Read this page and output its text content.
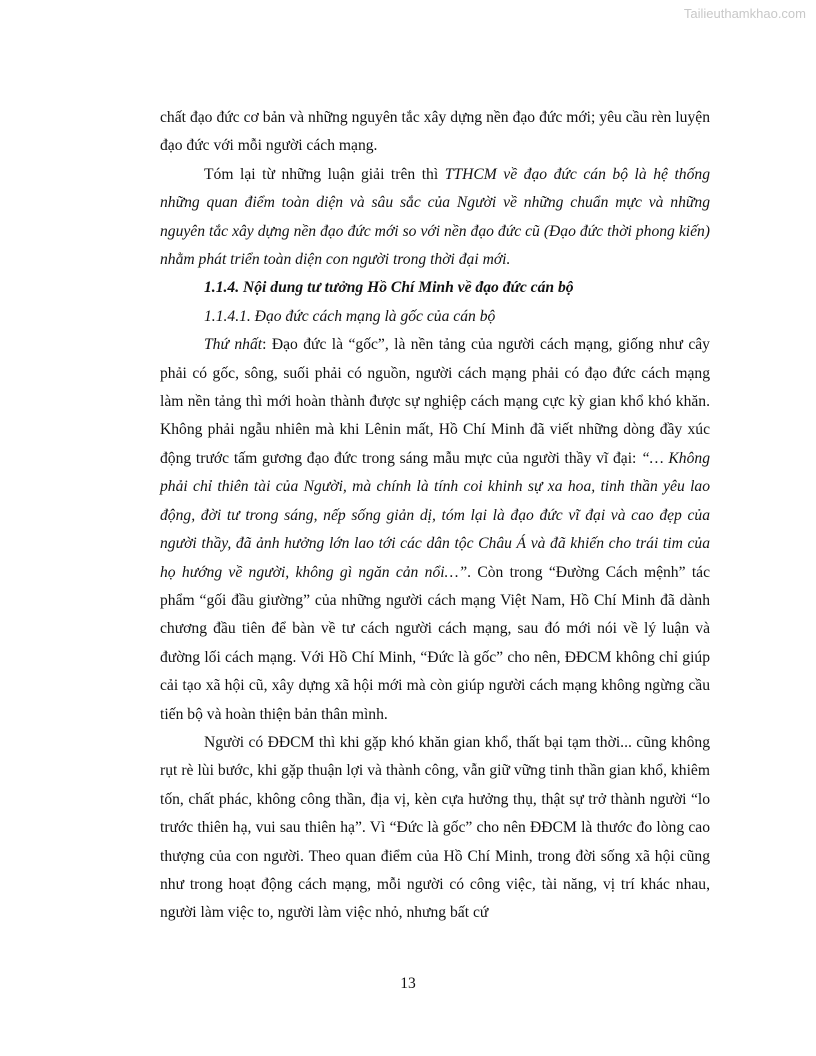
Tailieuthamkhao.com

chất đạo đức cơ bản và những nguyên tắc xây dựng nền đạo đức mới; yêu cầu rèn luyện đạo đức với mỗi người cách mạng.

Tóm lại từ những luận giải trên thì TTHCM về đạo đức cán bộ là hệ thống những quan điểm toàn diện và sâu sắc của Người về những chuẩn mực và những nguyên tắc xây dựng nền đạo đức mới so với nền đạo đức cũ (Đạo đức thời phong kiến) nhằm phát triển toàn diện con người trong thời đại mới.

1.1.4. Nội dung tư tưởng Hồ Chí Minh về đạo đức cán bộ

1.1.4.1. Đạo đức cách mạng là gốc của cán bộ

Thứ nhất: Đạo đức là “gốc”, là nền tảng của người cách mạng, giống như cây phải có gốc, sông, suối phải có nguồn, người cách mạng phải có đạo đức cách mạng làm nền tảng thì mới hoàn thành được sự nghiệp cách mạng cực kỳ gian khổ khó khăn. Không phải ngẫu nhiên mà khi Lênin mất, Hồ Chí Minh đã viết những dòng đầy xúc động trước tấm gương đạo đức trong sáng mẫu mực của người thầy vĩ đại: “… Không phải chỉ thiên tài của Người, mà chính là tính coi khinh sự xa hoa, tinh thần yêu lao động, đời tư trong sáng, nếp sống giản dị, tóm lại là đạo đức vĩ đại và cao đẹp của người thầy, đã ảnh hưởng lớn lao tới các dân tộc Châu Á và đã khiến cho trái tim của họ hướng về người, không gì ngăn cản nổi…”. Còn trong “Đường Cách mệnh” tác phẩm “gối đầu giường” của những người cách mạng Việt Nam, Hồ Chí Minh đã dành chương đầu tiên để bàn về tư cách người cách mạng, sau đó mới nói về lý luận và đường lối cách mạng. Với Hồ Chí Minh, “Đức là gốc” cho nên, ĐĐCM không chỉ giúp cải tạo xã hội cũ, xây dựng xã hội mới mà còn giúp người cách mạng không ngừng cầu tiến bộ và hoàn thiện bản thân mình.

Người có ĐĐCM thì khi gặp khó khăn gian khổ, thất bại tạm thời... cũng không rụt rè lùi bước, khi gặp thuận lợi và thành công, vẫn giữ vững tinh thần gian khổ, khiêm tốn, chất phác, không công thần, địa vị, kèn cựa hưởng thụ, thật sự trở thành người “lo trước thiên hạ, vui sau thiên hạ”. Vì “Đức là gốc” cho nên ĐĐCM là thước đo lòng cao thượng của con người. Theo quan điểm của Hồ Chí Minh, trong đời sống xã hội cũng như trong hoạt động cách mạng, mỗi người có công việc, tài năng, vị trí khác nhau, người làm việc to, người làm việc nhỏ, nhưng bất cứ

13
